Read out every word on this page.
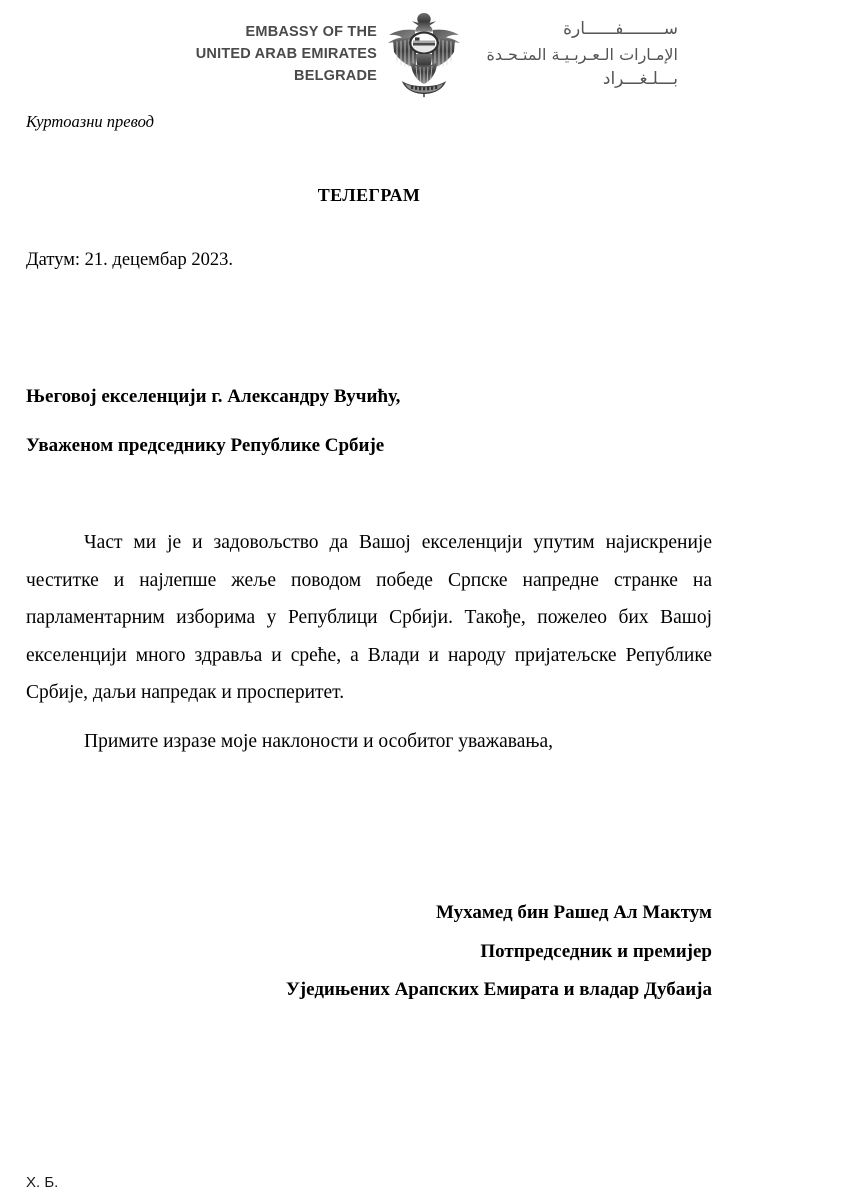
EMBASSY OF THE
UNITED ARAB EMIRATES
BELGRADE
ســــــــفــــــارة
الإمـارات الـعـربـيـة المتـحـدة
بـــلـغـــراد
Куртоазни превод
ТЕЛЕГРАМ
Датум: 21. децембар 2023.
Његовој екселенцији г. Александру Вучићу,
Уваженом председнику Републике Србије

Част ми је и задовољство да Вашој екселенцији упутим најискреније честитке и најлепше жеље поводом победе Српске напредне странке на парламентарним изборима у Републици Србији. Такође, пожелео бих Вашој екселенцији много здравља и среће, а Влади и народу пријатељске Републике Србије, даљи напредак и просперитет.

Примите изразе моје наклоности и особитог уважавања,

Мухамед бин Рашед Ал Мактум
Потпредседник и премијер
Уједињених Арапских Емирата и владар Дубаија
Х. Б.
